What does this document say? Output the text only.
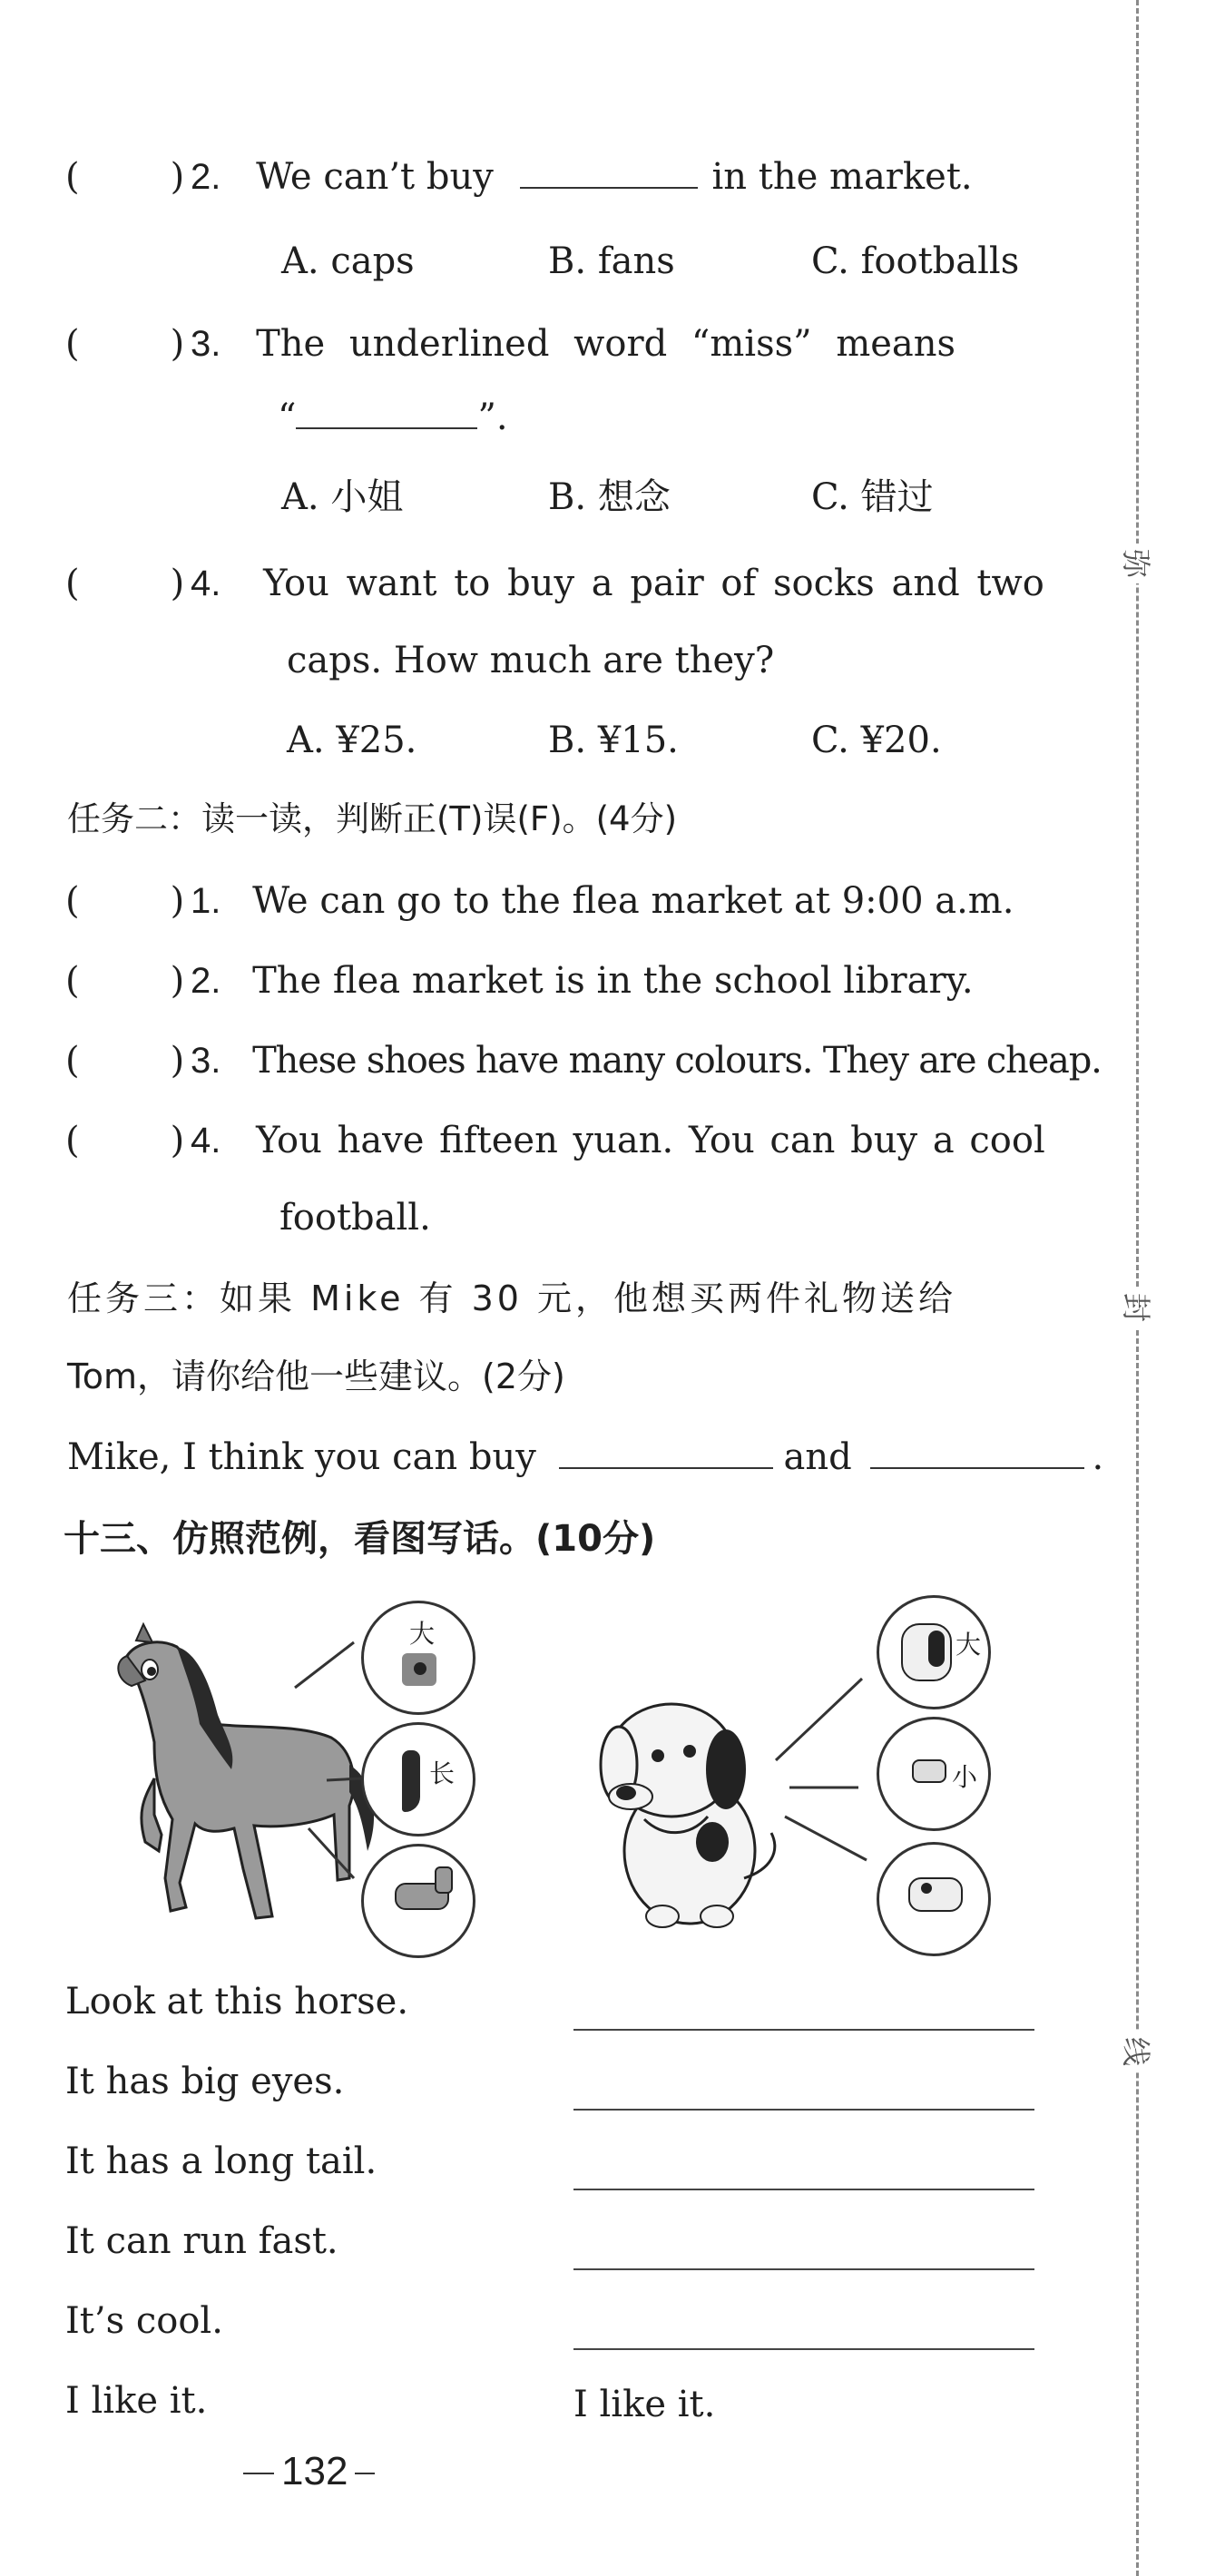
弥
封
线
(	) 2. We can’t buy	in the market.
A. caps	B. fans	C. footballs
(	) 3. The underlined word “miss” means
“	”.
A. 小姐	B. 想念	C. 错过
(	) 4. You want to buy a pair of socks and two
caps. How much are they?
A. ¥25.	B. ¥15.	C. ¥20.
任务二：读一读，判断正(T)误(F)。(4分)
(	) 1. We can go to the flea market at 9:00 a.m.
(	) 2. The flea market is in the school library.
(	) 3. These shoes have many colours. They are cheap.
(	) 4. You have fifteen yuan. You can buy a cool
football.
任务三：如果 Mike 有 30 元，他想买两件礼物送给
Tom，请你给他一些建议。(2分)
Mike, I think you can buy	and	.
十三、仿照范例，看图写话。(10分)
大
长
大
小
Look at this horse.
It has big eyes.
It has a long tail.
It can run fast.
It’s cool.
I like it.	I like it.
132
